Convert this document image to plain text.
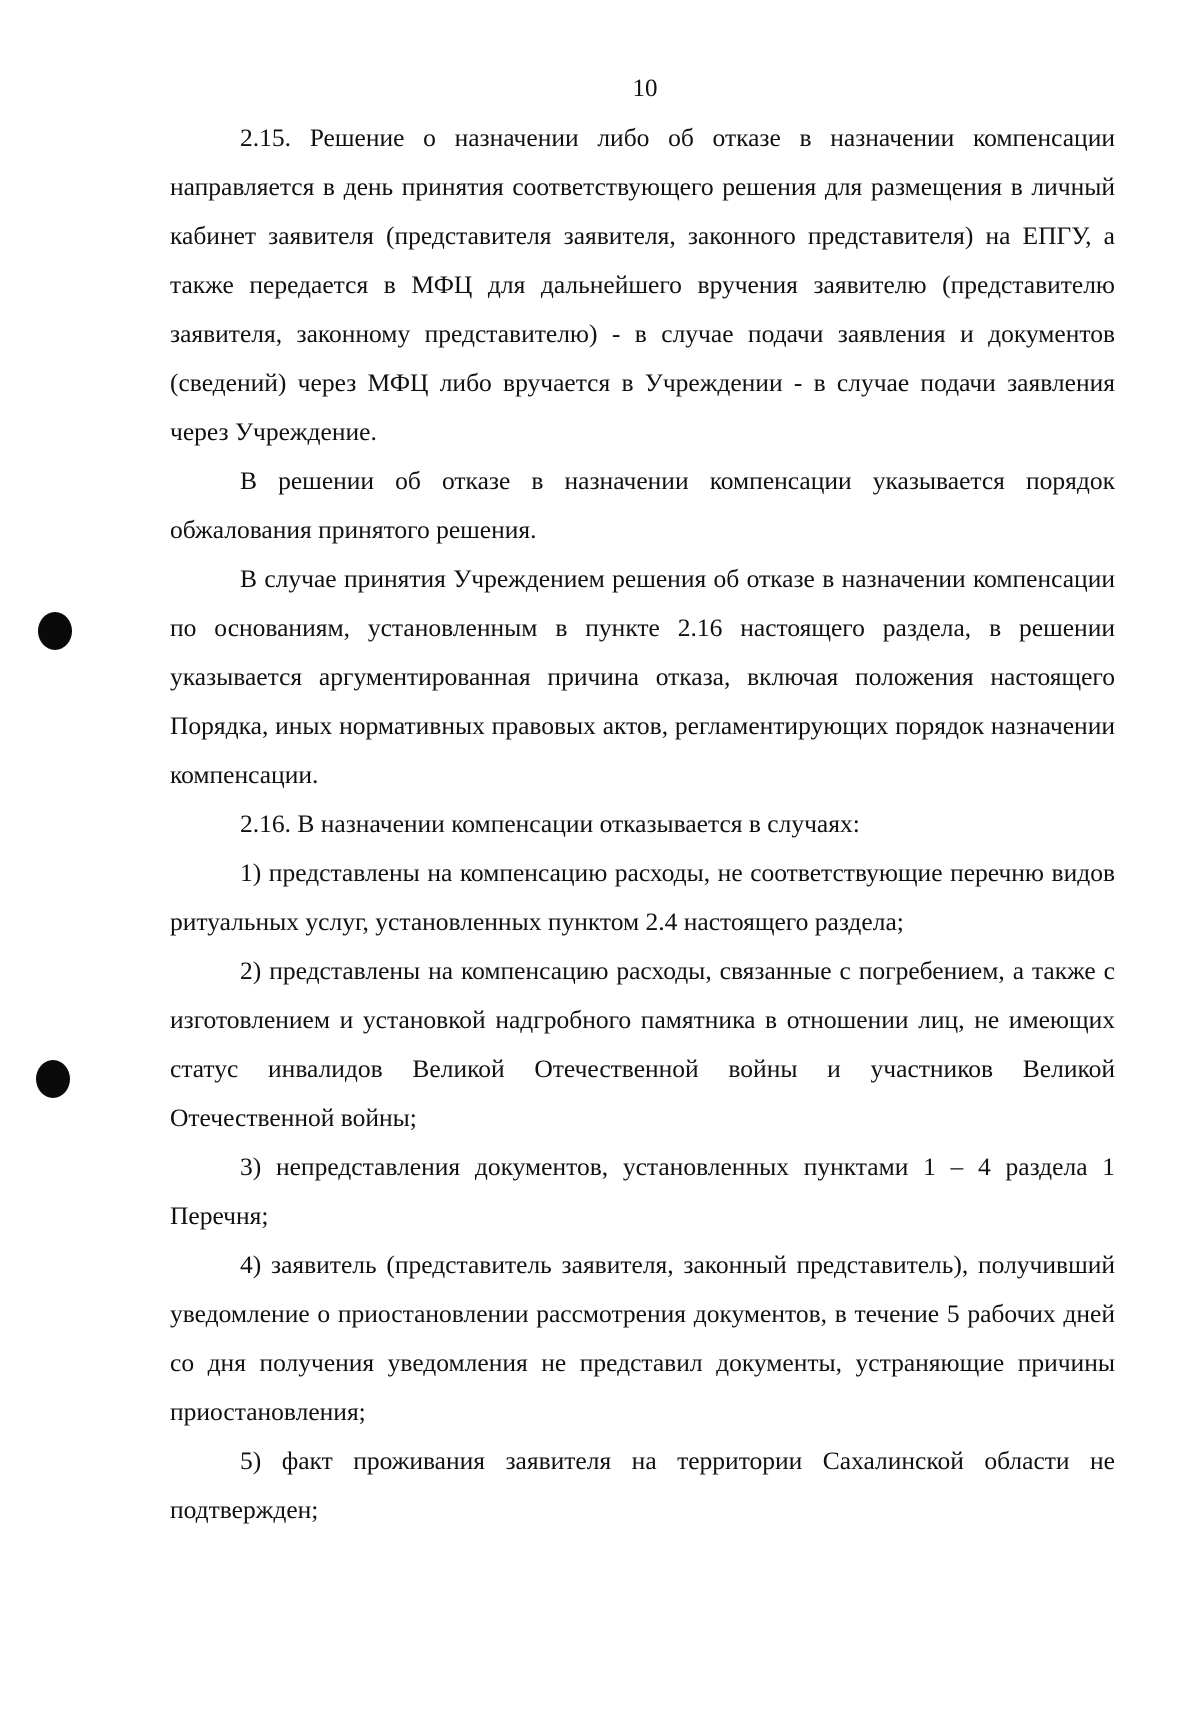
10

2.15. Решение о назначении либо об отказе в назначении компенсации направляется в день принятия соответствующего решения для размещения в личный кабинет заявителя (представителя заявителя, законного представителя) на ЕПГУ, а также передается в МФЦ для дальнейшего вручения заявителю (представителю заявителя, законному представителю) - в случае подачи заявления и документов (сведений) через МФЦ либо вручается в Учреждении - в случае подачи заявления через Учреждение.

В решении об отказе в назначении компенсации указывается порядок обжалования принятого решения.

В случае принятия Учреждением решения об отказе в назначении компенсации по основаниям, установленным в пункте 2.16 настоящего раздела, в решении указывается аргументированная причина отказа, включая положения настоящего Порядка, иных нормативных правовых актов, регламентирующих порядок назначении компенсации.

2.16. В назначении компенсации отказывается в случаях:

1) представлены на компенсацию расходы, не соответствующие перечню видов ритуальных услуг, установленных пунктом 2.4 настоящего раздела;

2) представлены на компенсацию расходы, связанные с погребением, а также с изготовлением и установкой надгробного памятника в отношении лиц, не имеющих статус инвалидов Великой Отечественной войны и участников Великой Отечественной войны;

3) непредставления документов, установленных пунктами 1 – 4 раздела 1 Перечня;

4) заявитель (представитель заявителя, законный представитель), получивший уведомление о приостановлении рассмотрения документов, в течение 5 рабочих дней со дня получения уведомления не представил документы, устраняющие причины приостановления;

5) факт проживания заявителя на территории Сахалинской области не подтвержден;
